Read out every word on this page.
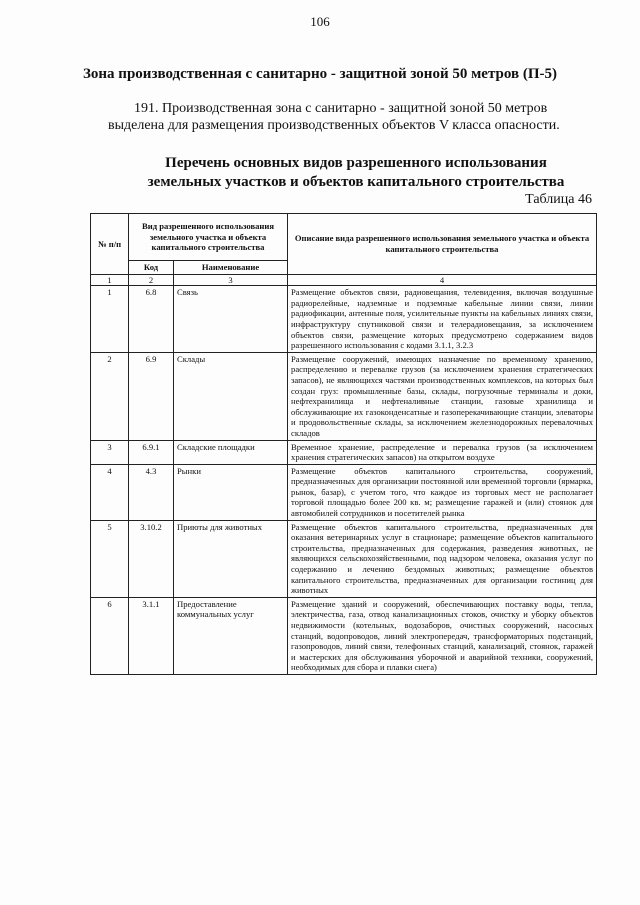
106
Зона производственная с санитарно - защитной зоной 50 метров (П-5)
191. Производственная зона с санитарно - защитной зоной 50 метров
выделена для размещения производственных объектов V класса опасности.
Перечень основных видов разрешенного использования
земельных участков и объектов капитального строительства
Таблица 46
№ п/п	Вид разрешенного использования земельного участка и объекта капитального строительства		Описание вида разрешенного использования земельного участка и объекта капитального строительства
	Код	Наименование	
1	2	3	4
1	6.8	Связь	Размещение объектов связи, радиовещания, телевидения, включая воздушные радиорелейные, надземные и подземные кабельные линии связи, линии радиофикации, антенные поля, усилительные пункты на кабельных линиях связи, инфраструктуру спутниковой связи и телерадиовещания, за исключением объектов связи, размещение которых предусмотрено содержанием видов разрешенного использования с кодами 3.1.1, 3.2.3
2	6.9	Склады	Размещение сооружений, имеющих назначение по временному хранению, распределению и перевалке грузов (за исключением хранения стратегических запасов), не являющихся частями производственных комплексов, на которых был создан груз: промышленные базы, склады, погрузочные терминалы и доки, нефтехранилища и нефтеналивные станции, газовые хранилища и обслуживающие их газоконденсатные и газоперекачивающие станции, элеваторы и продовольственные склады, за исключением железнодорожных перевалочных складов
3	6.9.1	Складские площадки	Временное хранение, распределение и перевалка грузов (за исключением хранения стратегических запасов) на открытом воздухе
4	4.3	Рынки	Размещение объектов капитального строительства, сооружений, предназначенных для организации постоянной или временной торговли (ярмарка, рынок, базар), с учетом того, что каждое из торговых мест не располагает торговой площадью более 200 кв. м; размещение гаражей и (или) стоянок для автомобилей сотрудников и посетителей рынка
5	3.10.2	Приюты для животных	Размещение объектов капитального строительства, предназначенных для оказания ветеринарных услуг в стационаре; размещение объектов капитального строительства, предназначенных для содержания, разведения животных, не являющихся сельскохозяйственными, под надзором человека, оказания услуг по содержанию и лечению бездомных животных; размещение объектов капитального строительства, предназначенных для организации гостиниц для животных
6	3.1.1	Предоставление коммунальных услуг	Размещение зданий и сооружений, обеспечивающих поставку воды, тепла, электричества, газа, отвод канализационных стоков, очистку и уборку объектов недвижимости (котельных, водозаборов, очистных сооружений, насосных станций, водопроводов, линий электропередач, трансформаторных подстанций, газопроводов, линий связи, телефонных станций, канализаций, стоянок, гаражей и мастерских для обслуживания уборочной и аварийной техники, сооружений, необходимых для сбора и плавки снега)
